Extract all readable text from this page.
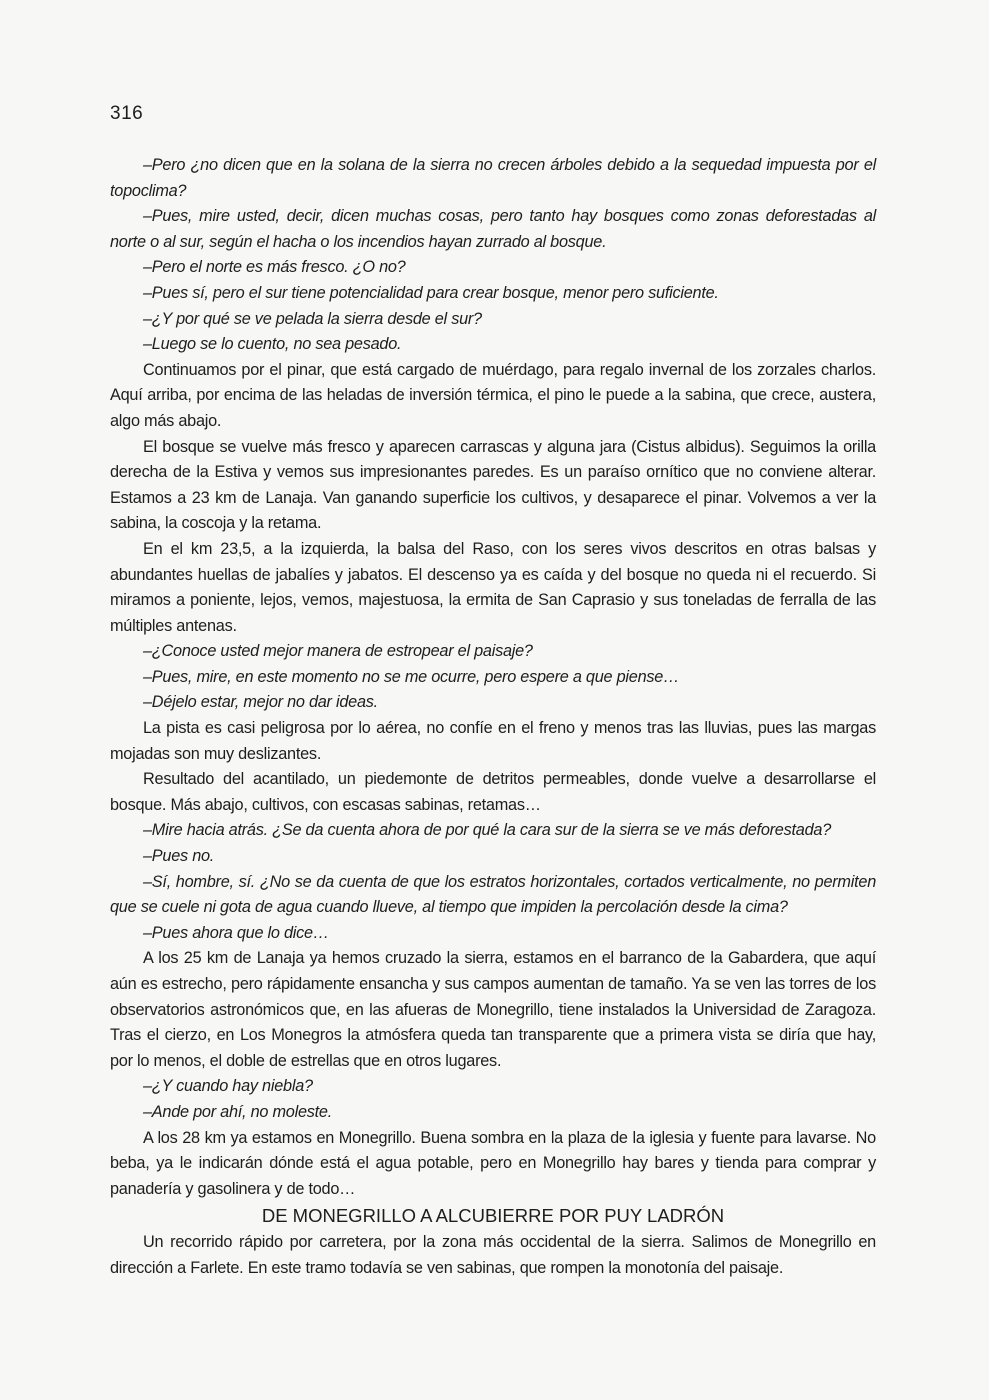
316

–Pero ¿no dicen que en la solana de la sierra no crecen árboles debido a la sequedad impuesta por el topoclima?

–Pues, mire usted, decir, dicen muchas cosas, pero tanto hay bosques como zonas deforestadas al norte o al sur, según el hacha o los incendios hayan zurrado al bosque.

–Pero el norte es más fresco. ¿O no?

–Pues sí, pero el sur tiene potencialidad para crear bosque, menor pero suficiente.

–¿Y por qué se ve pelada la sierra desde el sur?

–Luego se lo cuento, no sea pesado.

Continuamos por el pinar, que está cargado de muérdago, para regalo invernal de los zorzales charlos. Aquí arriba, por encima de las heladas de inversión térmica, el pino le puede a la sabina, que crece, austera, algo más abajo.

El bosque se vuelve más fresco y aparecen carrascas y alguna jara (Cistus albidus). Seguimos la orilla derecha de la Estiva y vemos sus impresionantes paredes. Es un paraíso ornítico que no conviene alterar. Estamos a 23 km de Lanaja. Van ganando superficie los cultivos, y desaparece el pinar. Volvemos a ver la sabina, la coscoja y la retama.

En el km 23,5, a la izquierda, la balsa del Raso, con los seres vivos descritos en otras balsas y abundantes huellas de jabalíes y jabatos. El descenso ya es caída y del bosque no queda ni el recuerdo. Si miramos a poniente, lejos, vemos, majestuosa, la ermita de San Caprasio y sus toneladas de ferralla de las múltiples antenas.

–¿Conoce usted mejor manera de estropear el paisaje?

–Pues, mire, en este momento no se me ocurre, pero espere a que piense…

–Déjelo estar, mejor no dar ideas.

La pista es casi peligrosa por lo aérea, no confíe en el freno y menos tras las lluvias, pues las margas mojadas son muy deslizantes.

Resultado del acantilado, un piedemonte de detritos permeables, donde vuelve a desarrollarse el bosque. Más abajo, cultivos, con escasas sabinas, retamas…

–Mire hacia atrás. ¿Se da cuenta ahora de por qué la cara sur de la sierra se ve más deforestada?

–Pues no.

–Sí, hombre, sí. ¿No se da cuenta de que los estratos horizontales, cortados verticalmente, no permiten que se cuele ni gota de agua cuando llueve, al tiempo que impiden la percolación desde la cima?

–Pues ahora que lo dice…

A los 25 km de Lanaja ya hemos cruzado la sierra, estamos en el barranco de la Gabardera, que aquí aún es estrecho, pero rápidamente ensancha y sus campos aumentan de tamaño. Ya se ven las torres de los observatorios astronómicos que, en las afueras de Monegrillo, tiene instalados la Universidad de Zaragoza. Tras el cierzo, en Los Monegros la atmósfera queda tan transparente que a primera vista se diría que hay, por lo menos, el doble de estrellas que en otros lugares.

–¿Y cuando hay niebla?

–Ande por ahí, no moleste.

A los 28 km ya estamos en Monegrillo. Buena sombra en la plaza de la iglesia y fuente para lavarse. No beba, ya le indicarán dónde está el agua potable, pero en Monegrillo hay bares y tienda para comprar y panadería y gasolinera y de todo…

DE MONEGRILLO A ALCUBIERRE POR PUY LADRÓN

Un recorrido rápido por carretera, por la zona más occidental de la sierra. Salimos de Monegrillo en dirección a Farlete. En este tramo todavía se ven sabinas, que rompen la monotonía del paisaje.
